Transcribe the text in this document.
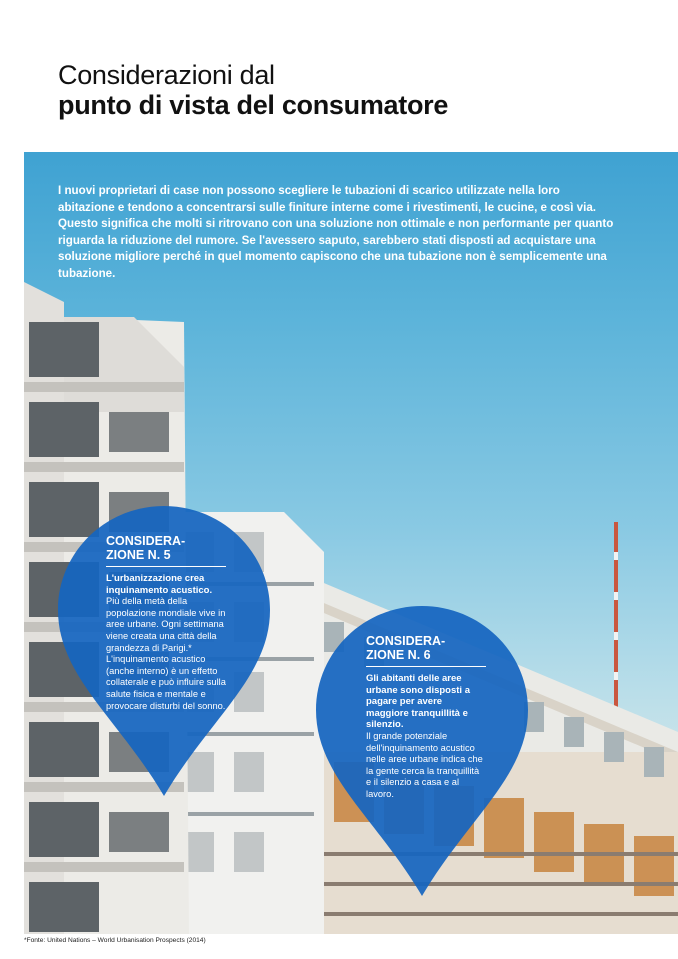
Considerazioni dal
punto di vista del consumatore

I nuovi proprietari di case non possono scegliere le tubazioni di scarico utilizzate nella loro abitazione e tendono a concentrarsi sulle finiture interne come i rivestimenti, le cucine, e così via. Questo significa che molti si ritrovano con una soluzione non ottimale e non performante per quanto riguarda la riduzione del rumore. Se l'avessero saputo, sarebbero stati disposti ad acquistare una soluzione migliore perché in quel momento capiscono che una tubazione non è semplicemente una tubazione.

CONSIDERA-
ZIONE N. 5
L'urbanizzazione crea inquinamento acustico.
Più della metà della popolazione mondiale vive in aree urbane. Ogni settimana viene creata una città della grandezza di Parigi.* L'inquinamento acustico (anche interno) è un effetto collaterale e può influire sulla salute fisica e mentale e provocare disturbi del sonno.
CONSIDERA-
ZIONE N. 6
Gli abitanti delle aree urbane sono disposti a pagare per avere maggiore tranquillità e silenzio.
Il grande potenziale dell'inquinamento acustico nelle aree urbane indica che la gente cerca la tranquillità e il silenzio a casa e al lavoro.
*Fonte: United Nations – World Urbanisation Prospects (2014)
